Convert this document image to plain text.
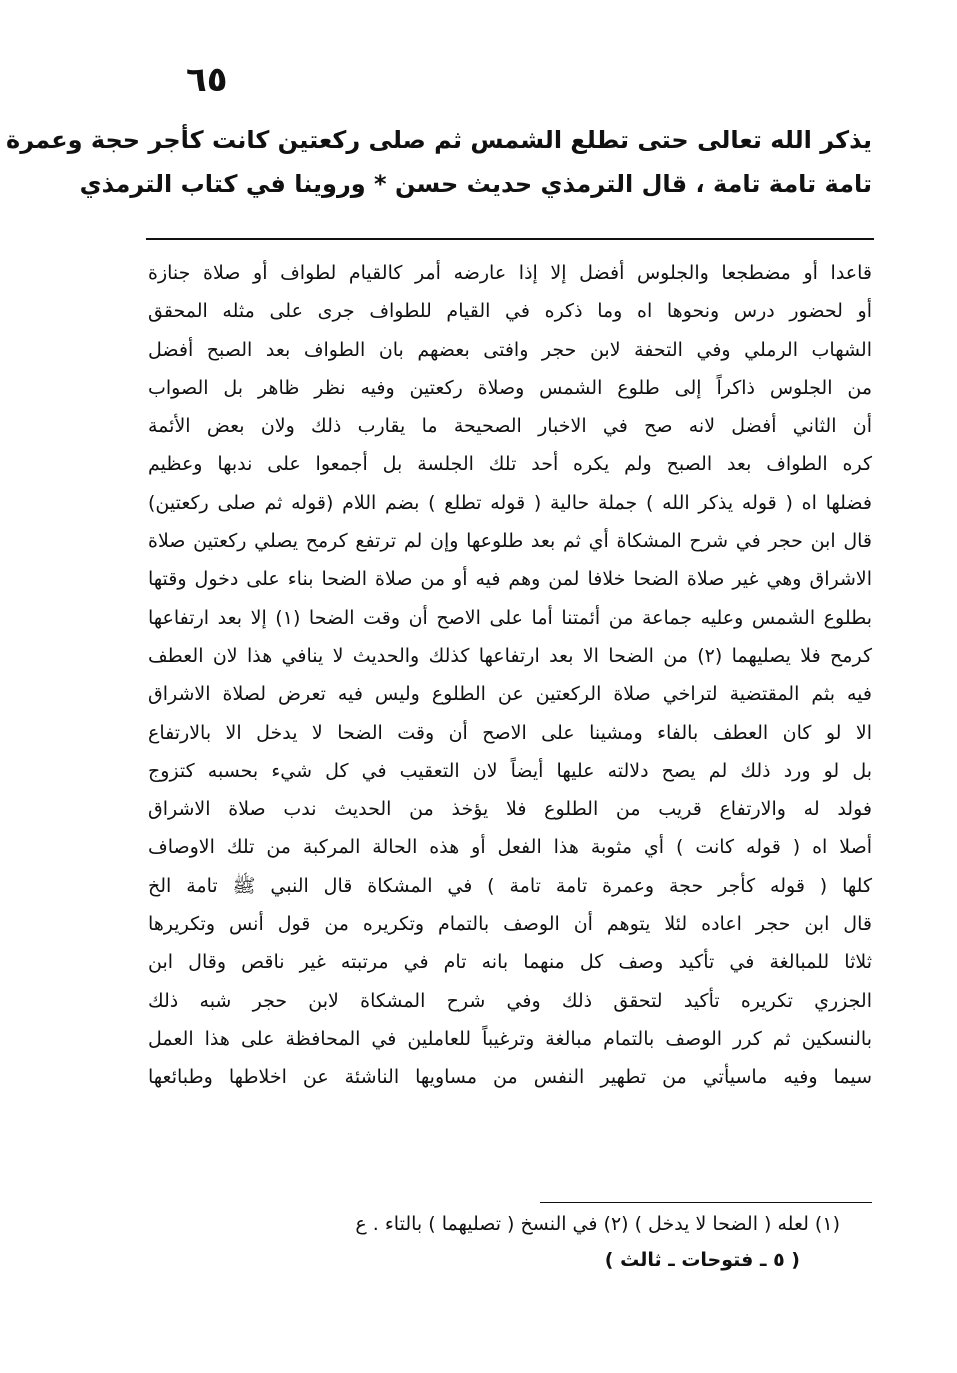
٦٥
يذكر الله تعالى حتى تطلع الشمس ثم صلى ركعتين كانت كأجر حجة وعمرة
تامة تامة تامة ، قال الترمذي حديث حسن * وروينا في كتاب الترمذي
قاعدا أو مضطجعا والجلوس أفضل إلا إذا عارضه أمر كالقيام لطواف أو صلاة جنازة
أو لحضور درس ونحوها اه وما ذكره في القيام للطواف جرى على مثله المحقق
الشهاب الرملي وفي التحفة لابن حجر وافتى بعضهم بان الطواف بعد الصبح أفضل
من الجلوس ذاكراً إلى طلوع الشمس وصلاة ركعتين وفيه نظر ظاهر بل الصواب
أن الثاني أفضل لانه صح في الاخبار الصحيحة ما يقارب ذلك ولان بعض الأئمة
كره الطواف بعد الصبح ولم يكره أحد تلك الجلسة بل أجمعوا على ندبها وعظيم
فضلها اه ( قوله يذكر الله ) جملة حالية ( قوله تطلع ) بضم اللام (قوله ثم صلى ركعتين)
قال ابن حجر في شرح المشكاة أي ثم بعد طلوعها وإن لم ترتفع كرمح يصلي ركعتين صلاة
الاشراق وهي غير صلاة الضحا خلافا لمن وهم فيه أو من صلاة الضحا بناء على دخول وقتها
بطلوع الشمس وعليه جماعة من أئمتنا أما على الاصح أن وقت الضحا (١) إلا بعد ارتفاعها
كرمح فلا يصليهما (٢) من الضحا الا بعد ارتفاعها كذلك والحديث لا ينافي هذا لان العطف
فيه بثم المقتضية لتراخي صلاة الركعتين عن الطلوع وليس فيه تعرض لصلاة الاشراق
الا لو كان العطف بالفاء ومشينا على الاصح أن وقت الضحا لا يدخل الا بالارتفاع
بل لو ورد ذلك لم يصح دلالته عليها أيضاً لان التعقيب في كل شيء بحسبه كتزوج
فولد له والارتفاع قريب من الطلوع فلا يؤخذ من الحديث ندب صلاة الاشراق
أصلا اه ( قوله كانت ) أي مثوبة هذا الفعل أو هذه الحالة المركبة من تلك الاوصاف
كلها ( قوله كأجر حجة وعمرة تامة تامة ) في المشكاة قال النبي ﷺ تامة الخ
قال ابن حجر اعاده لئلا يتوهم أن الوصف بالتمام وتكريره من قول أنس وتكريرها
ثلاثا للمبالغة في تأكيد وصف كل منهما بانه تام في مرتبته غير ناقص وقال ابن
الجزري تكريره تأكيد لتحقق ذلك وفي شرح المشكاة لابن حجر شبه ذلك
بالنسكين ثم كرر الوصف بالتمام مبالغة وترغيباً للعاملين في المحافظة على هذا العمل
سيما وفيه ماسيأتي من تطهير النفس من مساويها الناشئة عن اخلاطها وطبائعها
(١) لعله ( الضحا لا يدخل ) (٢) في النسخ ( تصليهما ) بالتاء . ع
( ٥ ـ فتوحات ـ ثالث )
